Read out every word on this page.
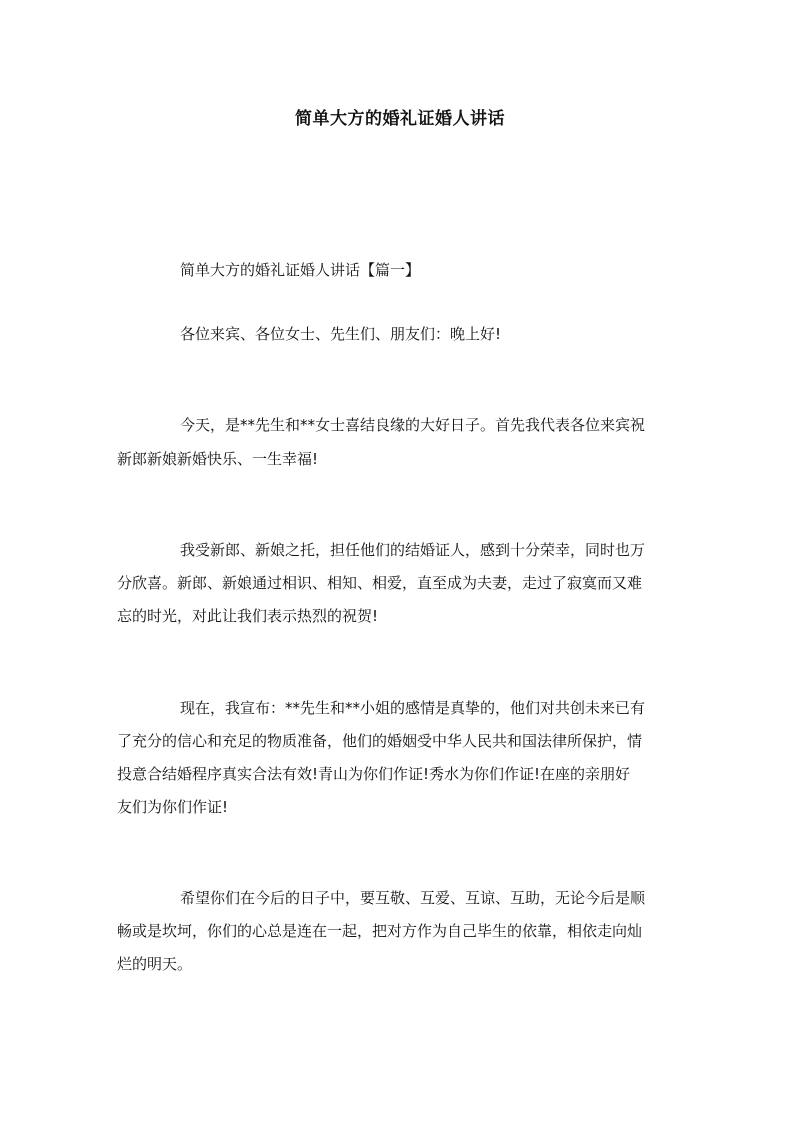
简单大方的婚礼证婚人讲话
简单大方的婚礼证婚人讲话【篇一】
各位来宾、各位女士、先生们、朋友们：晚上好!
今天，是**先生和**女士喜结良缘的大好日子。首先我代表各位来宾祝
新郎新娘新婚快乐、一生幸福!
我受新郎、新娘之托，担任他们的结婚证人，感到十分荣幸，同时也万
分欣喜。新郎、新娘通过相识、相知、相爱，直至成为夫妻，走过了寂寞而又难
忘的时光，对此让我们表示热烈的祝贺!
现在，我宣布：**先生和**小姐的感情是真挚的，他们对共创未来已有
了充分的信心和充足的物质准备，他们的婚姻受中华人民共和国法律所保护，情
投意合结婚程序真实合法有效!青山为你们作证!秀水为你们作证!在座的亲朋好
友们为你们作证!
希望你们在今后的日子中，要互敬、互爱、互谅、互助，无论今后是顺
畅或是坎坷，你们的心总是连在一起，把对方作为自己毕生的依靠，相依走向灿
烂的明天。
